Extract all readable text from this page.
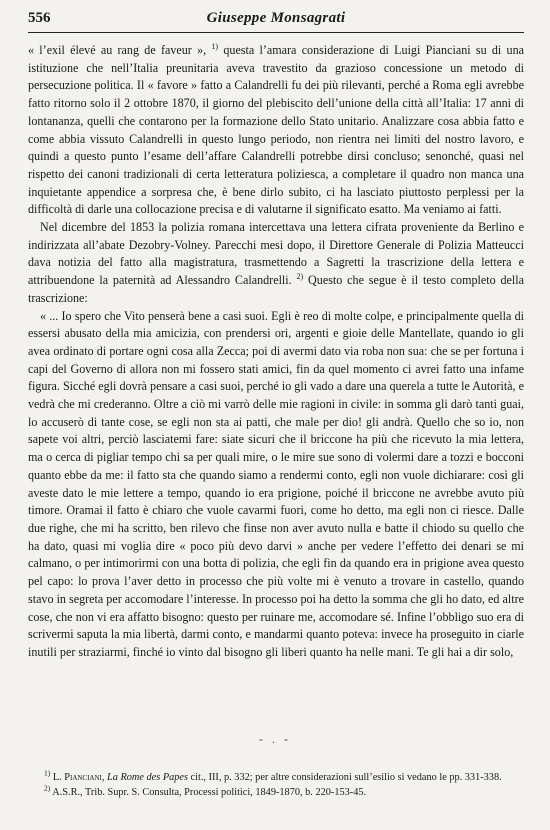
556	Giuseppe Monsagrati

« l’exil élevé au rang de faveur », $^{1)}$ questa l’amara considerazione di Luigi Pianciani su di una istituzione che nell’Italia preunitaria aveva travestito da grazioso concessione un metodo di persecuzione politica. Il « favore » fatto a Calandrelli fu dei più rilevanti, perché a Roma egli avrebbe fatto ritorno solo il 2 ottobre 1870, il giorno del plebiscito dell’unione della città all’Italia: 17 anni di lontananza, quelli che contarono per la formazione dello Stato unitario. Analizzare cosa abbia fatto e come abbia vissuto Calandrelli in questo lungo periodo, non rientra nei limiti del nostro lavoro, e quindi a questo punto l’esame dell’affare Calandrelli potrebbe dirsi concluso; senonché, quasi nel rispetto dei canoni tradizionali di certa letteratura poliziesca, a completare il quadro non manca una inquietante appendice a sorpresa che, è bene dirlo subito, ci ha lasciato piuttosto perplessi per la difficoltà di darle una collocazione precisa e di valutarne il significato esatto. Ma veniamo ai fatti.

Nel dicembre del 1853 la polizia romana intercettava una lettera cifrata proveniente da Berlino e indirizzata all’abate Dezobry-Volney. Parecchi mesi dopo, il Direttore Generale di Polizia Matteucci dava notizia del fatto alla magistratura, trasmettendo a Sagretti la trascrizione della lettera e attribuendone la paternità ad Alessandro Calandrelli. $^{2)}$ Questo che segue è il testo completo della trascrizione:

« ... Io spero che Vito penserà bene a casi suoi. Egli è reo di molte colpe, e principalmente quella di essersi abusato della mia amicizia, con prendersi ori, argenti e gioie delle Mantellate, quando io gli avea ordinato di portare ogni cosa alla Zecca; poi di avermi dato via roba non sua: che se per fortuna i capi del Governo di allora non mi fossero stati amici, fin da quel momento ci avrei fatto una infame figura. Sicché egli dovrà pensare a casi suoi, perché io gli vado a dare una querela a tutte le Autorità, e vedrà che mi crederanno. Oltre a ciò mi varrò delle mie ragioni in civile: in somma gli darò tanti guai, lo accuserò di tante cose, se egli non sta ai patti, che male per dio! gli andrà. Quello che so io, non sapete voi altri, perciò lasciatemi fare: siate sicuri che il briccone ha più che ricevuto la mia lettera, ma o cerca di pigliar tempo chi sa per quali mire, o le mire sue sono di volermi dare a tozzi e bocconi quanto ebbe da me: il fatto sta che quando siamo a rendermi conto, egli non vuole dichiarare: così gli aveste dato le mie lettere a tempo, quando io era prigione, poiché il briccone ne avrebbe avuto più timore. Oramai il fatto è chiaro che vuole cavarmi fuori, come ho detto, ma egli non ci riesce. Dalle due righe, che mi ha scritto, ben rilevo che finse non aver avuto nulla e batte il chiodo su quello che ha dato, quasi mi voglia dire « poco più devo darvi » anche per vedere l’effetto dei denari se mi calmano, o per intimorirmi con una botta di polizia, che egli fin da quando era in prigione avea questo pel capo: lo prova l’aver detto in processo che più volte mi è venuto a trovare in castello, quando stavo in segreta per accomodare l’interesse. In processo poi ha detto la somma che gli ho dato, ed altre cose, che non vi era affatto bisogno: questo per ruinare me, accomodare sé. Infine l’obbligo suo era di scrivermi saputa la mia libertà, darmi conto, e mandarmi quanto poteva: invece ha proseguito in ciarle inutili per straziarmi, finché io vinto dal bisogno gli liberi quanto ha nelle mani. Te gli hai a dir solo,

- . -

$^{1)}$ L. Pianciani, La Rome des Papes cit., III, p. 332; per altre considerazioni sull’esilio si vedano le pp. 331-338.

$^{2)}$ A.S.R., Trib. Supr. S. Consulta, Processi politici, 1849-1870, b. 220-153-45.
